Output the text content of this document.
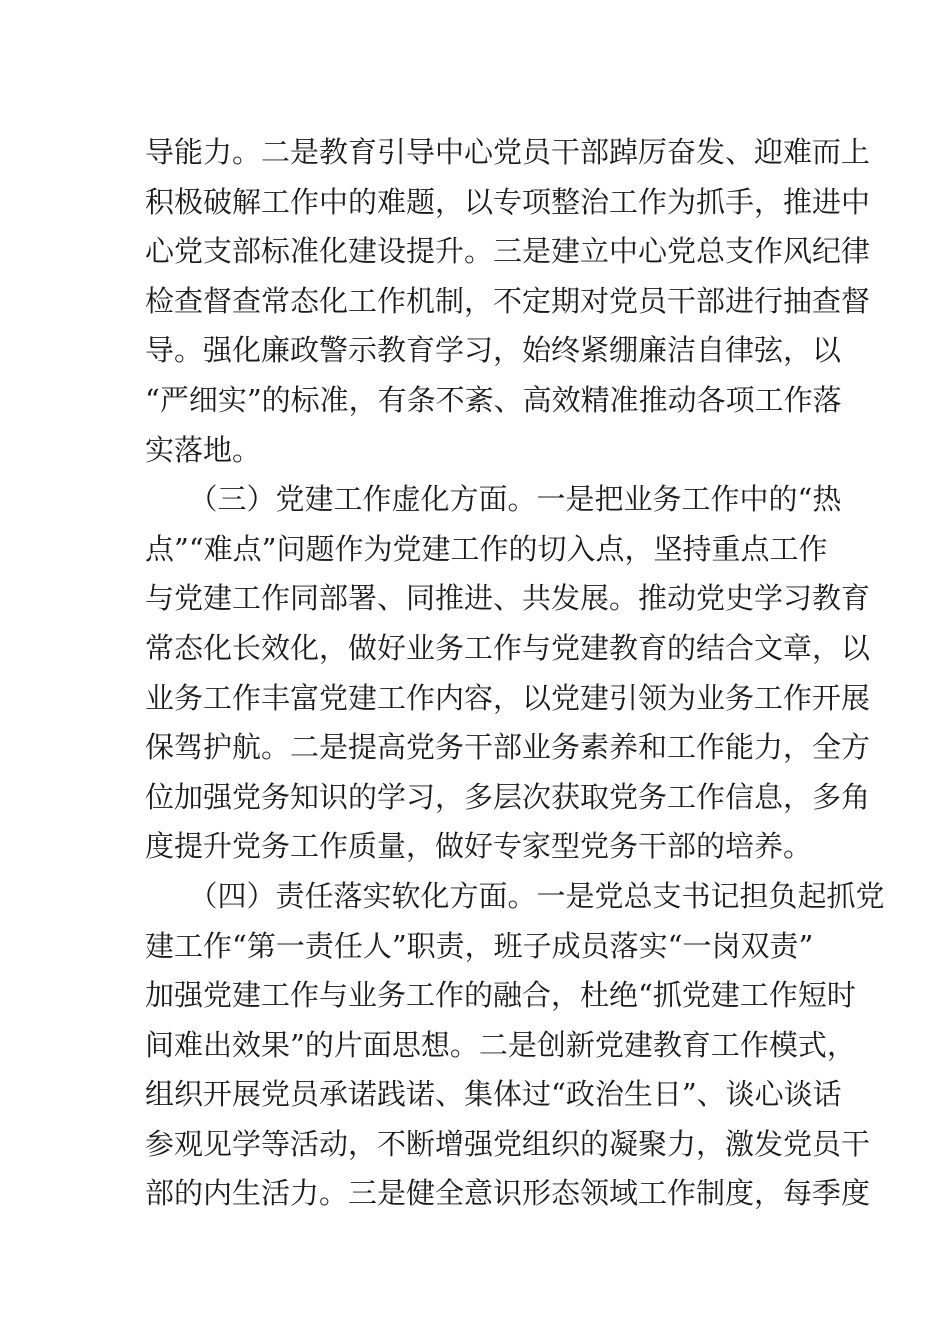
导能力。二是教育引导中心党员干部踔厉奋发、迎难而上
积极破解工作中的难题，以专项整治工作为抓手，推进中
心党支部标准化建设提升。三是建立中心党总支作风纪律
检查督查常态化工作机制，不定期对党员干部进行抽查督
导。强化廉政警示教育学习，始终紧绷廉洁自律弦，以
“严细实”的标准，有条不紊、高效精准推动各项工作落
实落地。
　　（三）党建工作虚化方面。一是把业务工作中的“热
点”“难点”问题作为党建工作的切入点，坚持重点工作
与党建工作同部署、同推进、共发展。推动党史学习教育
常态化长效化，做好业务工作与党建教育的结合文章，以
业务工作丰富党建工作内容，以党建引领为业务工作开展
保驾护航。二是提高党务干部业务素养和工作能力，全方
位加强党务知识的学习，多层次获取党务工作信息，多角
度提升党务工作质量，做好专家型党务干部的培养。
　　（四）责任落实软化方面。一是党总支书记担负起抓党
建工作“第一责任人”职责，班子成员落实“一岗双责”
加强党建工作与业务工作的融合，杜绝“抓党建工作短时
间难出效果”的片面思想。二是创新党建教育工作模式，
组织开展党员承诺践诺、集体过“政治生日”、谈心谈话
参观见学等活动，不断增强党组织的凝聚力，激发党员干
部的内生活力。三是健全意识形态领域工作制度，每季度
